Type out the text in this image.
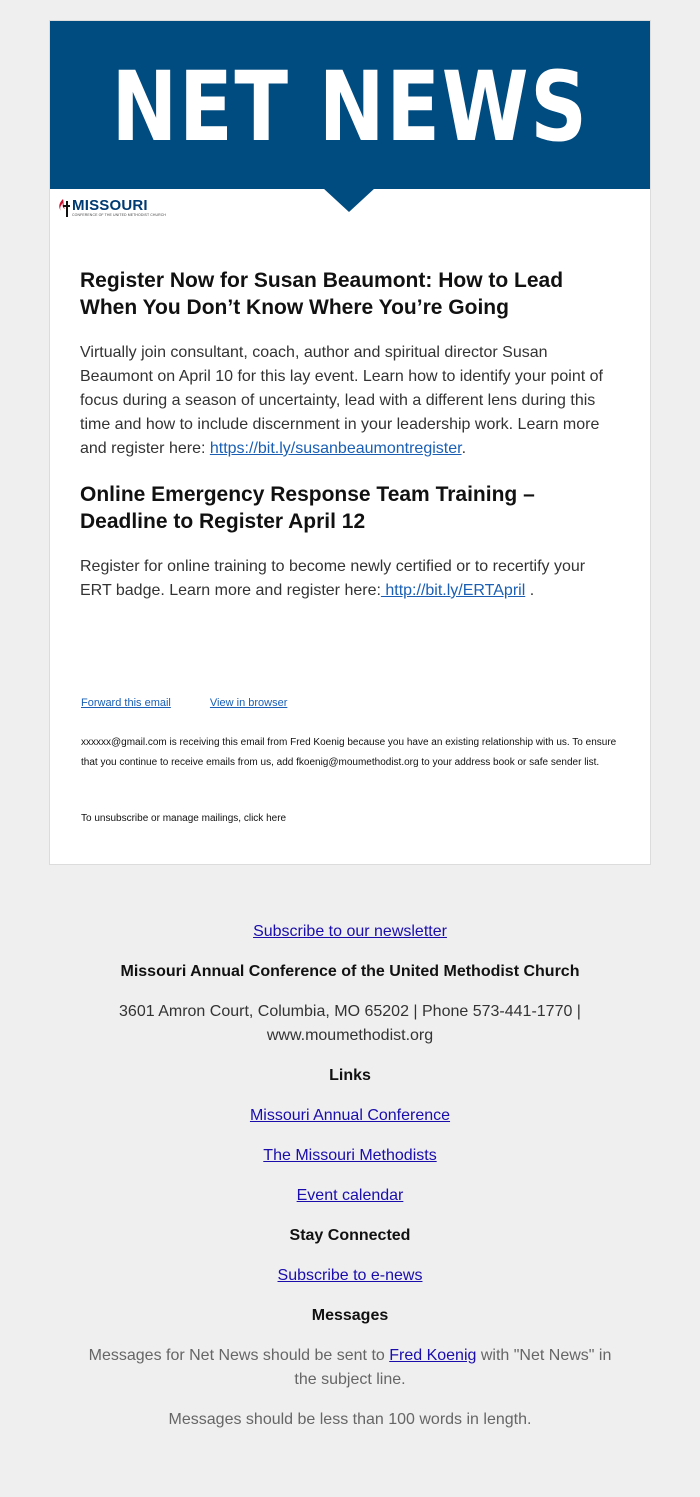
NET NEWS
MISSOURI
CONFERENCE OF THE UNITED METHODIST CHURCH
Register Now for Susan Beaumont: How to Lead When You Don’t Know Where You’re Going

Virtually join consultant, coach, author and spiritual director Susan Beaumont on April 10 for this lay event. Learn how to identify your point of focus during a season of uncertainty, lead with a different lens during this time and how to include discernment in your leadership work. Learn more and register here: https://bit.ly/susanbeaumontregister.

Online Emergency Response Team Training – Deadline to Register April 12

Register for online training to become newly certified or to recertify your ERT badge. Learn more and register here: http://bit.ly/ERTApril .

Forward this email	View in browser
xxxxxx@gmail.com is receiving this email from Fred Koenig because you have an existing relationship with us. To ensure that you continue to receive emails from us, add fkoenig@moumethodist.org to your address book or safe sender list.
To unsubscribe or manage mailings, click here
Subscribe to our newsletter
Missouri Annual Conference of the United Methodist Church
3601 Amron Court, Columbia, MO 65202 | Phone 573-441-1770 | www.moumethodist.org
Links
Missouri Annual Conference
The Missouri Methodists
Event calendar
Stay Connected
Subscribe to e-news
Messages
Messages for Net News should be sent to Fred Koenig with "Net News" in the subject line.
Messages should be less than 100 words in length.
